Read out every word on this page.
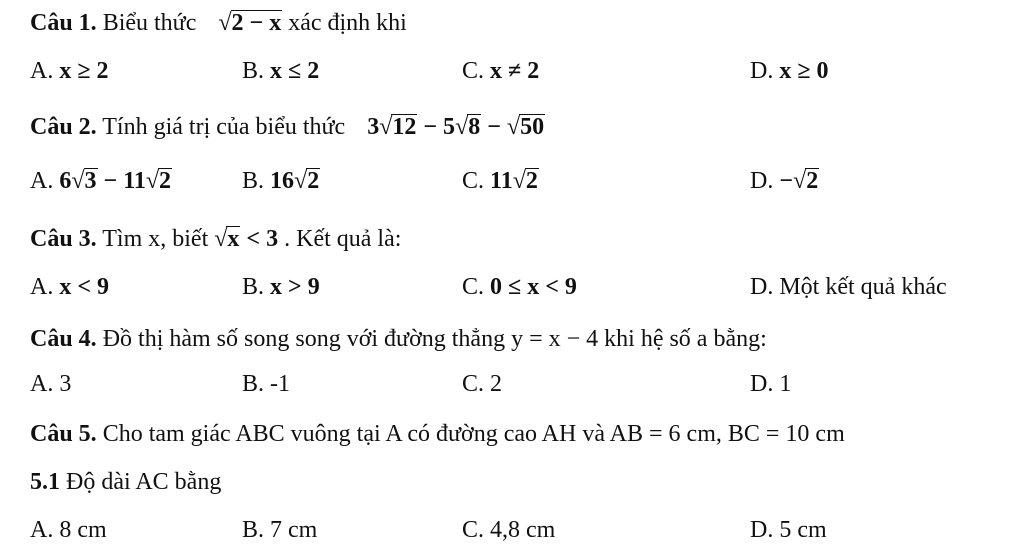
Câu 1. Biểu thức √2 − x xác định khi
A. x ≥ 2	B. x ≤ 2	C. x ≠ 2	D. x ≥ 0
Câu 2. Tính giá trị của biểu thức 3√12 − 5√8 − √50
A. 6√3 − 11√2	B. 16√2	C. 11√2	D. −√2
Câu 3. Tìm x, biết √x < 3 . Kết quả là:
A. x < 9	B. x > 9	C. 0 ≤ x < 9	D. Một kết quả khác
Câu 4. Đồ thị hàm số song song với đường thẳng y = x − 4 khi hệ số a bằng:
A. 3	B. -1	C. 2	D. 1
Câu 5. Cho tam giác ABC vuông tại A có đường cao AH và AB = 6 cm, BC = 10 cm
5.1 Độ dài AC bằng
A. 8 cm	B. 7 cm	C. 4,8 cm	D. 5 cm
